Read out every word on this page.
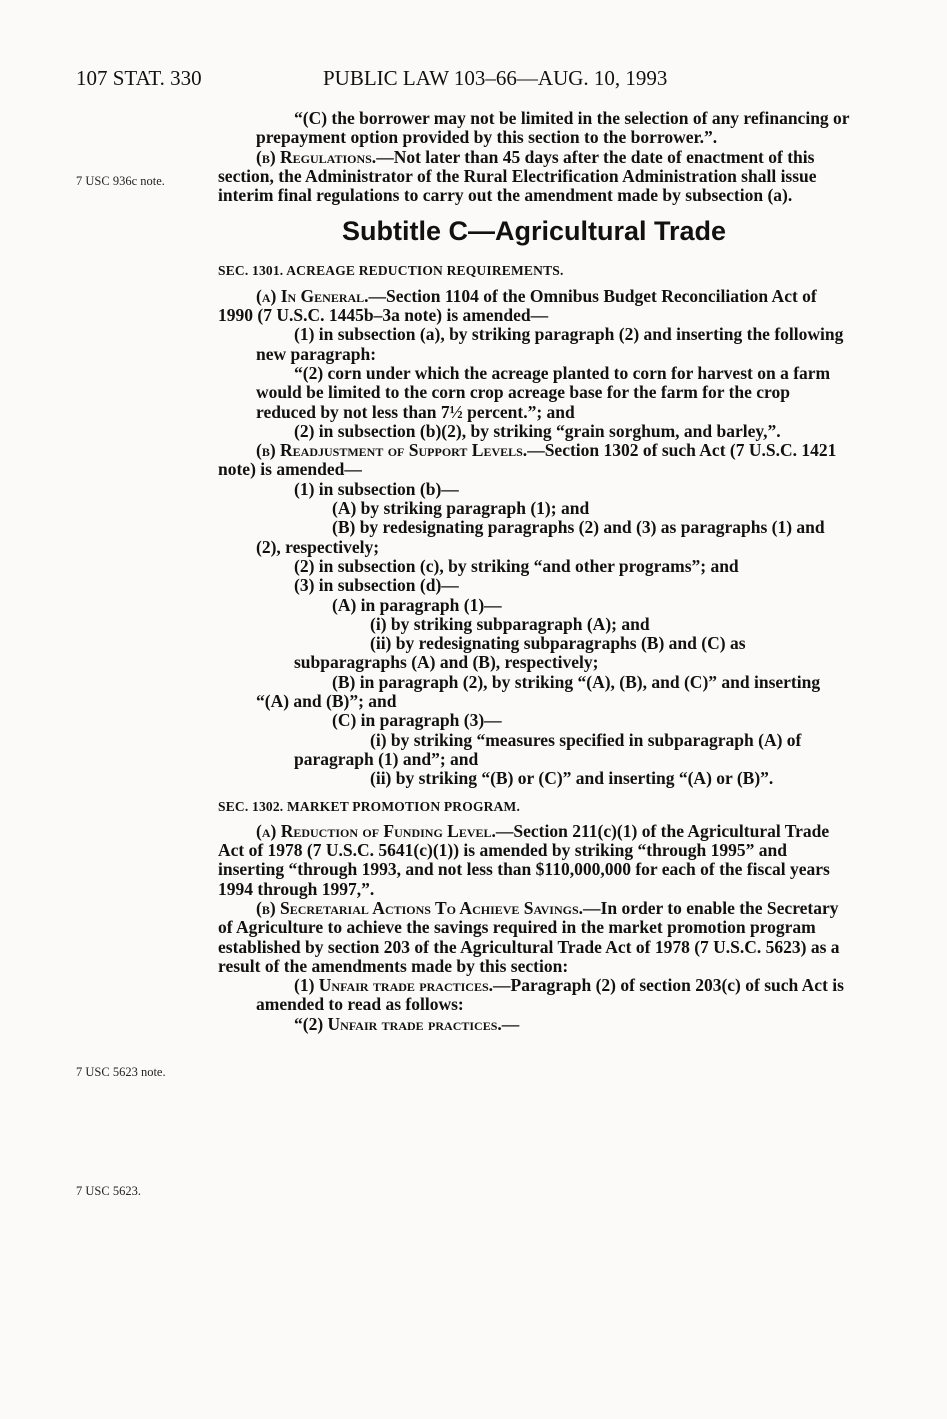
107 STAT. 330	PUBLIC LAW 103–66—AUG. 10, 1993
7 USC 936c note.
7 USC 5623 note.
7 USC 5623.

“(C) the borrower may not be limited in the selection of any refinancing or prepayment option provided by this section to the borrower.”.

(b) Regulations.—Not later than 45 days after the date of enactment of this section, the Administrator of the Rural Electrification Administration shall issue interim final regulations to carry out the amendment made by subsection (a).

Subtitle C—Agricultural Trade
SEC. 1301. ACREAGE REDUCTION REQUIREMENTS.

(a) In General.—Section 1104 of the Omnibus Budget Reconciliation Act of 1990 (7 U.S.C. 1445b–3a note) is amended—

(1) in subsection (a), by striking paragraph (2) and inserting the following new paragraph:

“(2) corn under which the acreage planted to corn for harvest on a farm would be limited to the corn crop acreage base for the farm for the crop reduced by not less than 7½ percent.”; and

(2) in subsection (b)(2), by striking “grain sorghum, and barley,”.

(b) Readjustment of Support Levels.—Section 1302 of such Act (7 U.S.C. 1421 note) is amended—

(1) in subsection (b)—

(A) by striking paragraph (1); and

(B) by redesignating paragraphs (2) and (3) as paragraphs (1) and (2), respectively;

(2) in subsection (c), by striking “and other programs”; and

(3) in subsection (d)—

(A) in paragraph (1)—

(i) by striking subparagraph (A); and

(ii) by redesignating subparagraphs (B) and (C) as subparagraphs (A) and (B), respectively;

(B) in paragraph (2), by striking “(A), (B), and (C)” and inserting “(A) and (B)”; and

(C) in paragraph (3)—

(i) by striking “measures specified in subparagraph (A) of paragraph (1) and”; and

(ii) by striking “(B) or (C)” and inserting “(A) or (B)”.

SEC. 1302. MARKET PROMOTION PROGRAM.

(a) Reduction of Funding Level.—Section 211(c)(1) of the Agricultural Trade Act of 1978 (7 U.S.C. 5641(c)(1)) is amended by striking “through 1995” and inserting “through 1993, and not less than $110,000,000 for each of the fiscal years 1994 through 1997,”.

(b) Secretarial Actions To Achieve Savings.—In order to enable the Secretary of Agriculture to achieve the savings required in the market promotion program established by section 203 of the Agricultural Trade Act of 1978 (7 U.S.C. 5623) as a result of the amendments made by this section:

(1) Unfair trade practices.—Paragraph (2) of section 203(c) of such Act is amended to read as follows:

“(2) Unfair trade practices.—
